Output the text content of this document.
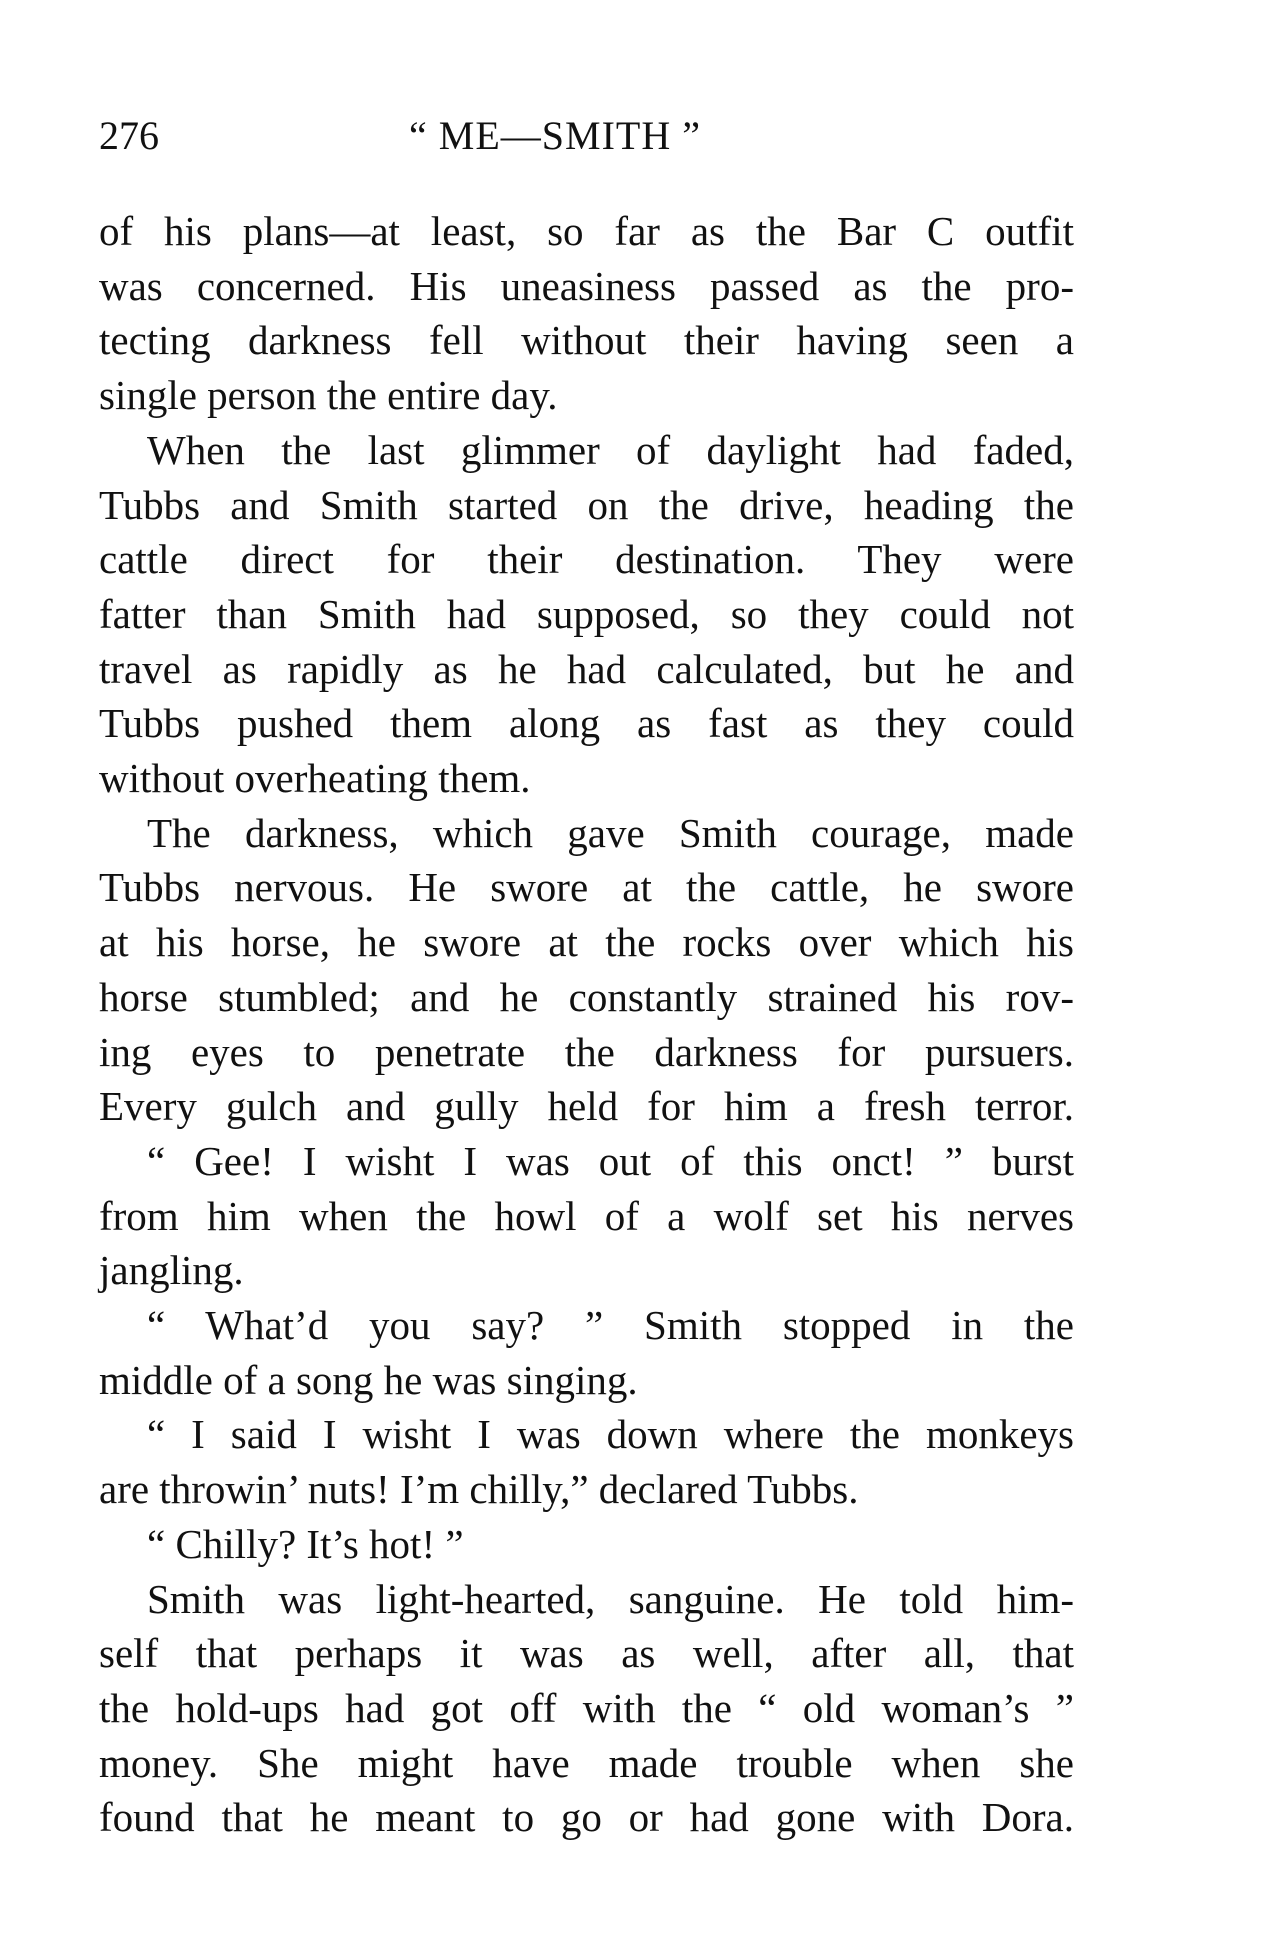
276	“ ME—SMITH ”
of his plans—at least, so far as the Bar C outfit
was concerned. His uneasiness passed as the pro-
tecting darkness fell without their having seen a
single person the entire day.
When the last glimmer of daylight had faded,
Tubbs and Smith started on the drive, heading the
cattle direct for their destination. They were
fatter than Smith had supposed, so they could not
travel as rapidly as he had calculated, but he and
Tubbs pushed them along as fast as they could
without overheating them.
The darkness, which gave Smith courage, made
Tubbs nervous. He swore at the cattle, he swore
at his horse, he swore at the rocks over which his
horse stumbled; and he constantly strained his rov-
ing eyes to penetrate the darkness for pursuers.
Every gulch and gully held for him a fresh terror.
“ Gee! I wisht I was out of this onct! ” burst
from him when the howl of a wolf set his nerves
jangling.
“ What’d you say? ” Smith stopped in the
middle of a song he was singing.
“ I said I wisht I was down where the monkeys
are throwin’ nuts! I’m chilly,” declared Tubbs.
“ Chilly? It’s hot! ”
Smith was light-hearted, sanguine. He told him-
self that perhaps it was as well, after all, that
the hold-ups had got off with the “ old woman’s ”
money. She might have made trouble when she
found that he meant to go or had gone with Dora.
